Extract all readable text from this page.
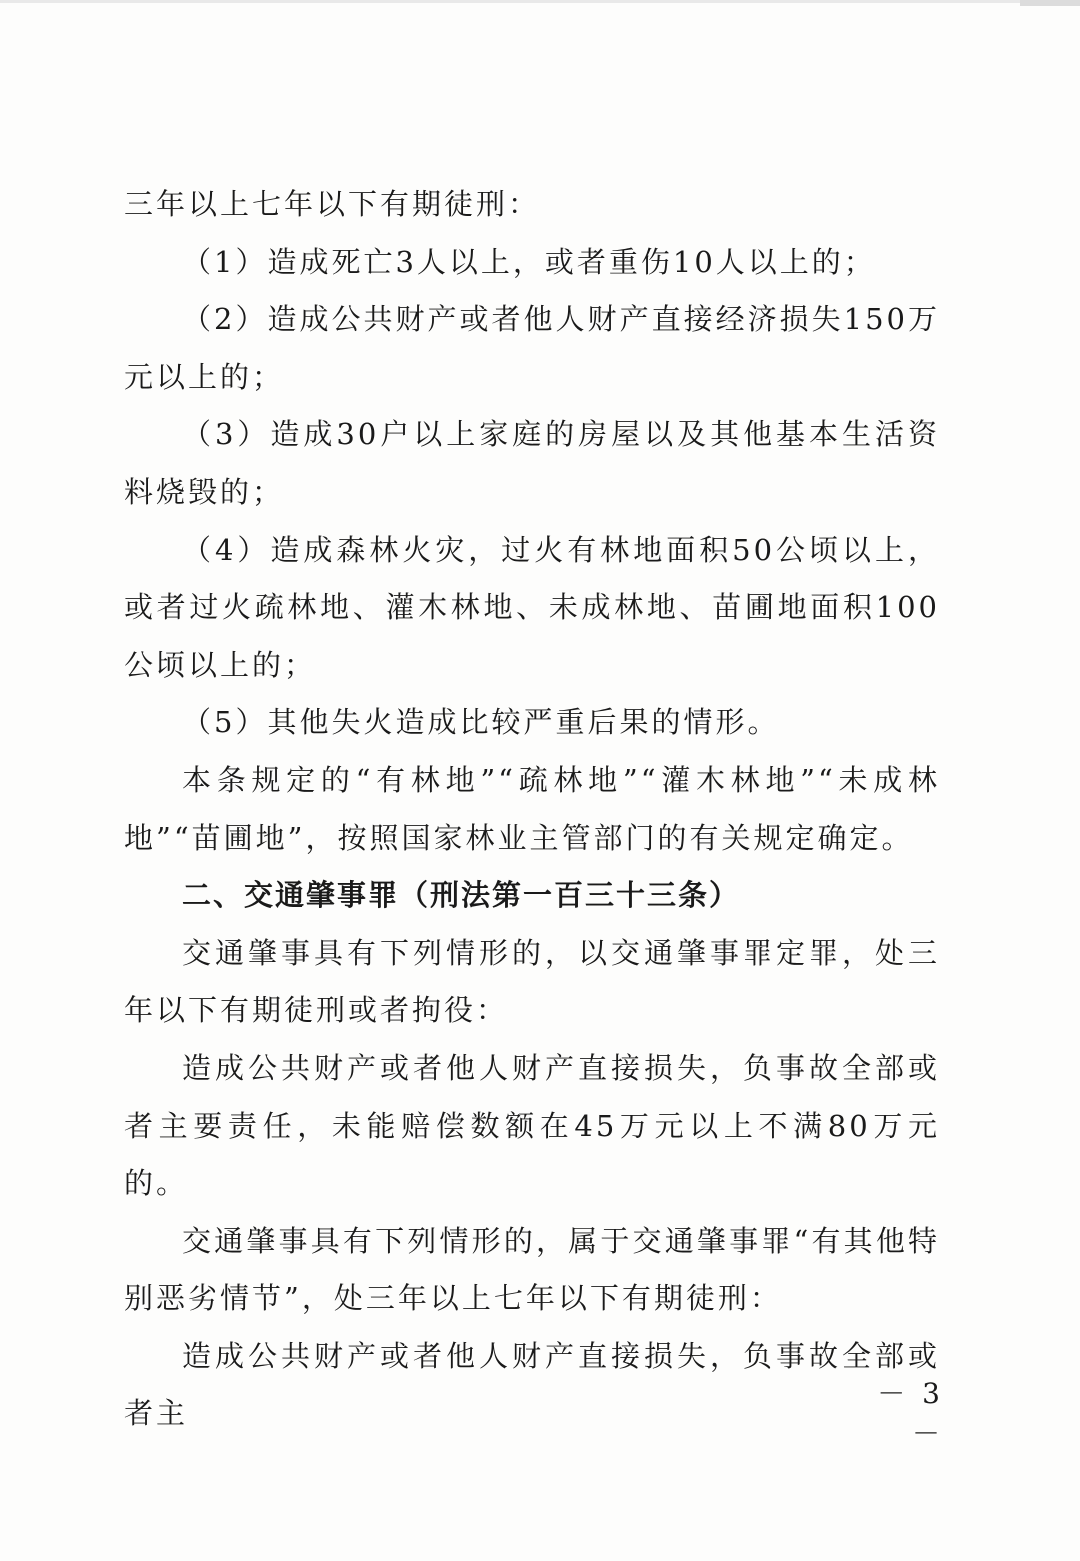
三年以上七年以下有期徒刑：

（1）造成死亡3人以上，或者重伤10人以上的；

（2）造成公共财产或者他人财产直接经济损失150万元以上的；

（3）造成30户以上家庭的房屋以及其他基本生活资料烧毁的；

（4）造成森林火灾，过火有林地面积50公顷以上，或者过火疏林地、灌木林地、未成林地、苗圃地面积100公顷以上的；

（5）其他失火造成比较严重后果的情形。

本条规定的“有林地”“疏林地”“灌木林地”“未成林地”“苗圃地”，按照国家林业主管部门的有关规定确定。

二、交通肇事罪（刑法第一百三十三条）

交通肇事具有下列情形的，以交通肇事罪定罪，处三年以下有期徒刑或者拘役：

造成公共财产或者他人财产直接损失，负事故全部或者主要责任，未能赔偿数额在45万元以上不满80万元的。

交通肇事具有下列情形的，属于交通肇事罪“有其他特别恶劣情节”，处三年以上七年以下有期徒刑：

造成公共财产或者他人财产直接损失，负事故全部或者主

－ 3 －
